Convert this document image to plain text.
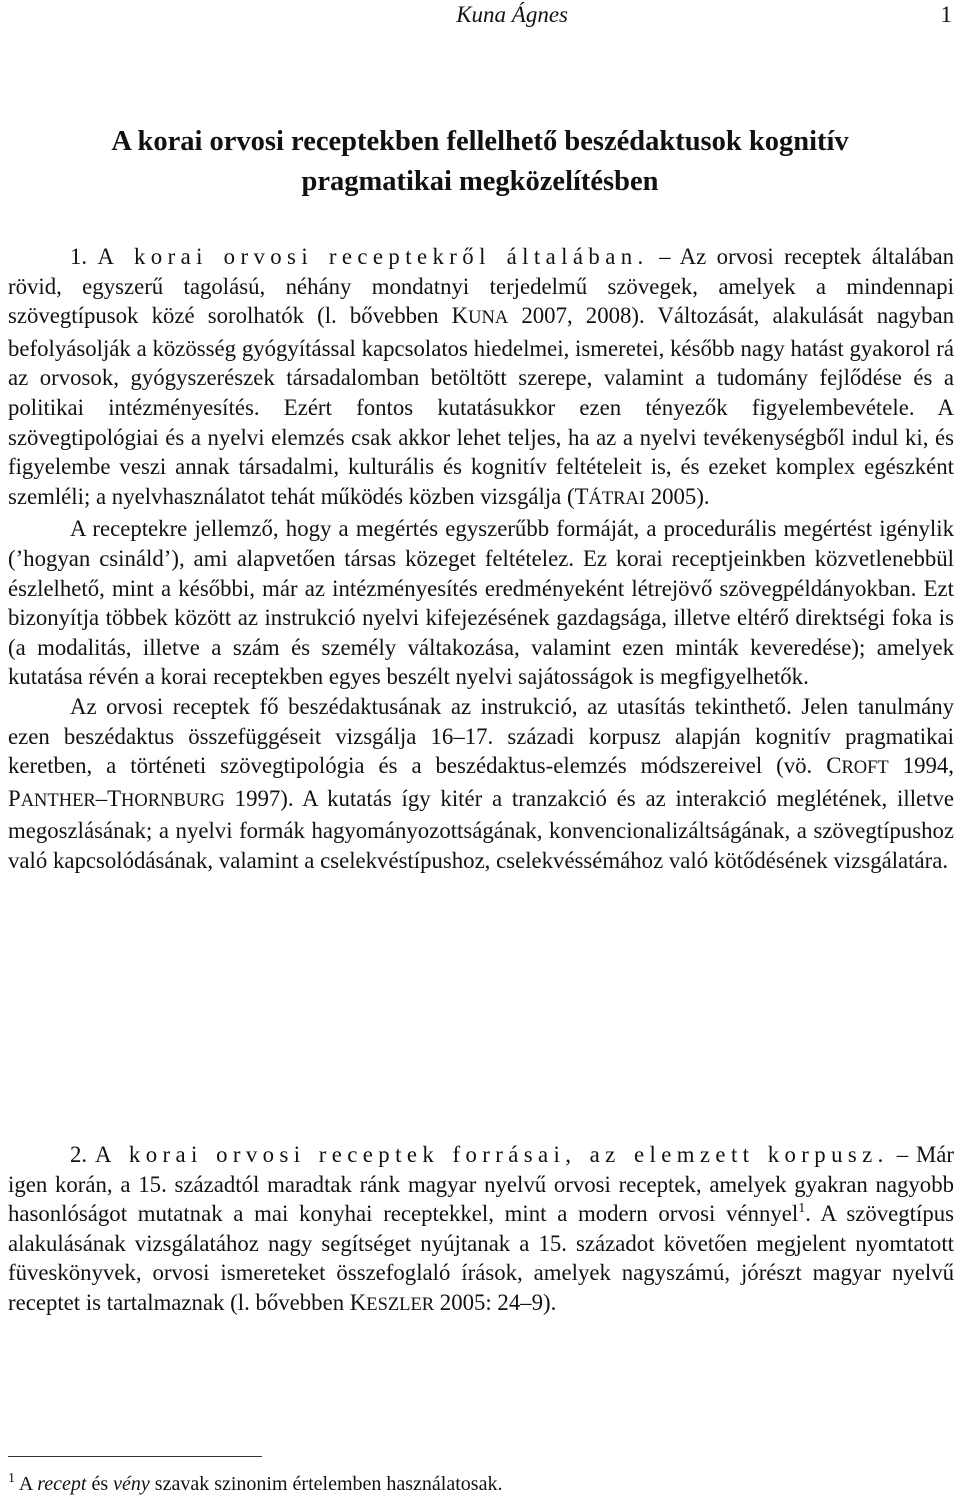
Kuna Ágnes	1
A korai orvosi receptekben fellelhető beszédaktusok kognitív
pragmatikai megközelítésben

1. A korai orvosi receptekről általában. – Az orvosi receptek általában rövid, egyszerű tagolású, néhány mondatnyi terjedelmű szövegek, amelyek a mindennapi szövegtípusok közé sorolhatók (l. bővebben KUNA 2007, 2008). Változását, alakulását nagyban befolyásolják a közösség gyógyítással kapcsolatos hiedelmei, ismeretei, később nagy hatást gyakorol rá az orvosok, gyógyszerészek társadalomban betöltött szerepe, valamint a tudomány fejlődése és a politikai intézményesítés. Ezért fontos kutatásukkor ezen tényezők figyelembevétele. A szövegtipológiai és a nyelvi elemzés csak akkor lehet teljes, ha az a nyelvi tevékenységből indul ki, és figyelembe veszi annak társadalmi, kulturális és kognitív feltételeit is, és ezeket komplex egészként szemléli; a nyelvhasználatot tehát működés közben vizsgálja (TÁTRAI 2005).

A receptekre jellemző, hogy a megértés egyszerűbb formáját, a procedurális megértést igénylik (’hogyan csináld’), ami alapvetően társas közeget feltételez. Ez korai receptjeinkben közvetlenebbül észlelhető, mint a későbbi, már az intézményesítés eredményeként létrejövő szövegpéldányokban. Ezt bizonyítja többek között az instrukció nyelvi kifejezésének gazdagsága, illetve eltérő direktségi foka is (a modalitás, illetve a szám és személy váltakozása, valamint ezen minták keveredése); amelyek kutatása révén a korai receptekben egyes beszélt nyelvi sajátosságok is megfigyelhetők.

Az orvosi receptek fő beszédaktusának az instrukció, az utasítás tekinthető. Jelen tanulmány ezen beszédaktus összefüggéseit vizsgálja 16–17. századi korpusz alapján kognitív pragmatikai keretben, a történeti szövegtipológia és a beszédaktus-elemzés módszereivel (vö. CROFT 1994, PANTHER–THORNBURG 1997). A kutatás így kitér a tranzakció és az interakció meglétének, illetve megoszlásának; a nyelvi formák hagyományozottságának, konvencionalizáltságának, a szövegtípushoz való kapcsolódásának, valamint a cselekvéstípushoz, cselekvéssémához való kötődésének vizsgálatára.

2. A korai orvosi receptek forrásai, az elemzett korpusz. – Már igen korán, a 15. századtól maradtak ránk magyar nyelvű orvosi receptek, amelyek gyakran nagyobb hasonlóságot mutatnak a mai konyhai receptekkel, mint a modern orvosi vénnyel$^1$. A szövegtípus alakulásának vizsgálatához nagy segítséget nyújtanak a 15. századot követően megjelent nyomtatott füveskönyvek, orvosi ismereteket összefoglaló írások, amelyek nagyszámú, jórészt magyar nyelvű receptet is tartalmaznak (l. bővebben KESZLER 2005: 24–9).

$^1$ A recept és vény szavak szinonim értelemben használatosak.
